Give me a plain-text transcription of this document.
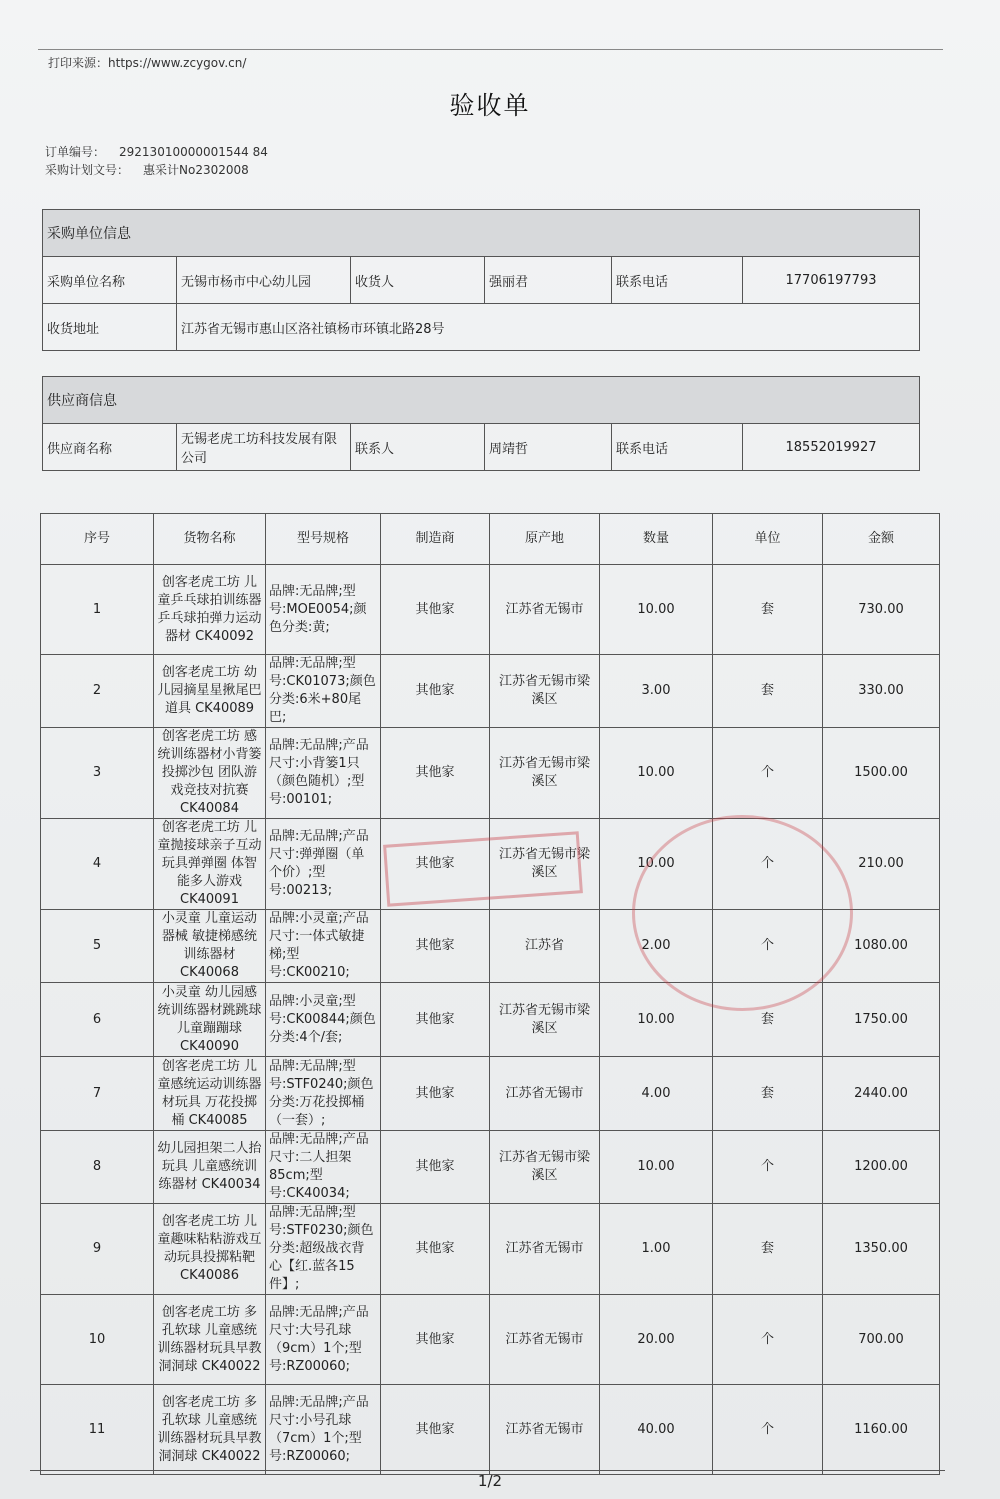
打印来源：https://www.zcygov.cn/
验收单
订单编号： 29213010000001544 84
采购计划文号： 惠采计No2302008
采购单位信息					
采购单位名称	无锡市杨市中心幼儿园	收货人	强丽君	联系电话	17706197793
收货地址	江苏省无锡市惠山区洛社镇杨市环镇北路28号				
供应商信息
供应商名称	无锡老虎工坊科技发展有限公司	联系人	周靖哲	联系电话	18552019927
序号	货物名称	型号规格	制造商	原产地	数量	单位	金额
1	创客老虎工坊 儿童乒乓球拍训练器 乒乓球拍弹力运动器材 CK40092	品牌:无品牌;型号:MOE0054;颜色分类:黄;	其他家	江苏省无锡市	10.00	套	730.00
2	创客老虎工坊 幼儿园摘星星揪尾巴道具 CK40089	品牌:无品牌;型号:CK01073;颜色分类:6米+80尾巴;	其他家	江苏省无锡市梁溪区	3.00	套	330.00
3	创客老虎工坊 感统训练器材小背篓投掷沙包 团队游戏竞技对抗赛 CK40084	品牌:无品牌;产品尺寸:小背篓1只（颜色随机）;型号:00101;	其他家	江苏省无锡市梁溪区	10.00	个	1500.00
4	创客老虎工坊 儿童抛接球亲子互动玩具弹弹圈 体智能多人游戏 CK40091	品牌:无品牌;产品尺寸:弹弹圈（单个价）;型号:00213;	其他家	江苏省无锡市梁溪区	10.00	个	210.00
5	小灵童 儿童运动器械 敏捷梯感统训练器材 CK40068	品牌:小灵童;产品尺寸:一体式敏捷梯;型号:CK00210;	其他家	江苏省	2.00	个	1080.00
6	小灵童 幼儿园感统训练器材跳跳球 儿童蹦蹦球 CK40090	品牌:小灵童;型号:CK00844;颜色分类:4个/套;	其他家	江苏省无锡市梁溪区	10.00	套	1750.00
7	创客老虎工坊 儿童感统运动训练器材玩具 万花投掷桶 CK40085	品牌:无品牌;型号:STF0240;颜色分类:万花投掷桶（一套）;	其他家	江苏省无锡市	4.00	套	2440.00
8	幼儿园担架二人抬玩具 儿童感统训练器材 CK40034	品牌:无品牌;产品尺寸:二人担架85cm;型号:CK40034;	其他家	江苏省无锡市梁溪区	10.00	个	1200.00
9	创客老虎工坊 儿童趣味粘粘游戏互动玩具投掷粘靶 CK40086	品牌:无品牌;型号:STF0230;颜色分类:超级战衣背心【红.蓝各15件】;	其他家	江苏省无锡市	1.00	套	1350.00
10	创客老虎工坊 多孔软球 儿童感统训练器材玩具早教洞洞球 CK40022	品牌:无品牌;产品尺寸:大号孔球（9cm）1个;型号:RZ00060;	其他家	江苏省无锡市	20.00	个	700.00
11	创客老虎工坊 多孔软球 儿童感统训练器材玩具早教洞洞球 CK40022	品牌:无品牌;产品尺寸:小号孔球（7cm）1个;型号:RZ00060;	其他家	江苏省无锡市	40.00	个	1160.00
1/2
